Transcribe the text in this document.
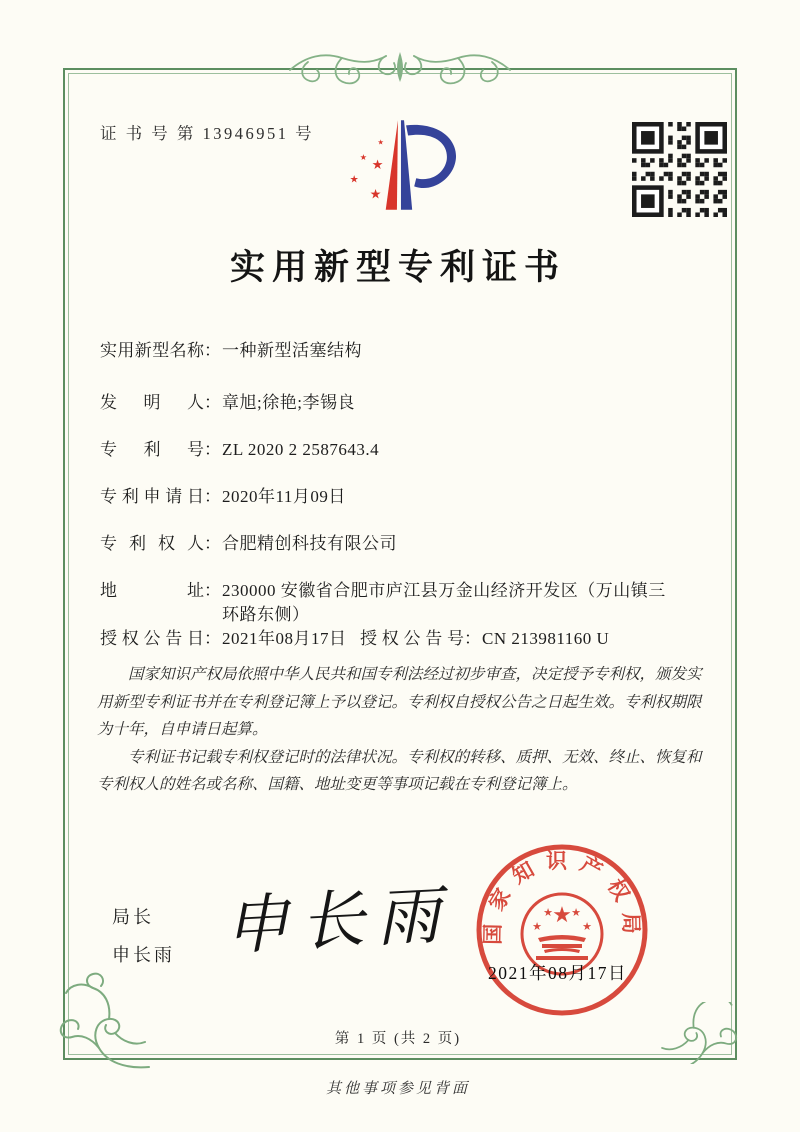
证 书 号 第 13946951 号	★
★
★
★
★
实用新型专利证书
实用新型名称 ： 一种新型活塞结构
发明人 ： 章旭;徐艳;李锡良
专利号 ： ZL 2020 2 2587643.4
专利申请日 ： 2020年11月09日
专利权人 ： 合肥精创科技有限公司
地址 ： 230000 安徽省合肥市庐江县万金山经济开发区（万山镇三环路东侧）
授权公告日 ： 2021年08月17日 授权公告号 ： CN 213981160 U

国家知识产权局依照中华人民共和国专利法经过初步审查，决定授予专利权，颁发实用新型专利证书并在专利登记簿上予以登记。专利权自授权公告之日起生效。专利权期限为十年，自申请日起算。

专利证书记载专利权登记时的法律状况。专利权的转移、质押、无效、终止、恢复和专利权人的姓名或名称、国籍、地址变更等事项记载在专利登记簿上。

局长
申长雨 申长雨	国家知识产权局
★
★
★ ★
★
2021年08月17日
第 1 页 (共 2 页)
其他事项参见背面
